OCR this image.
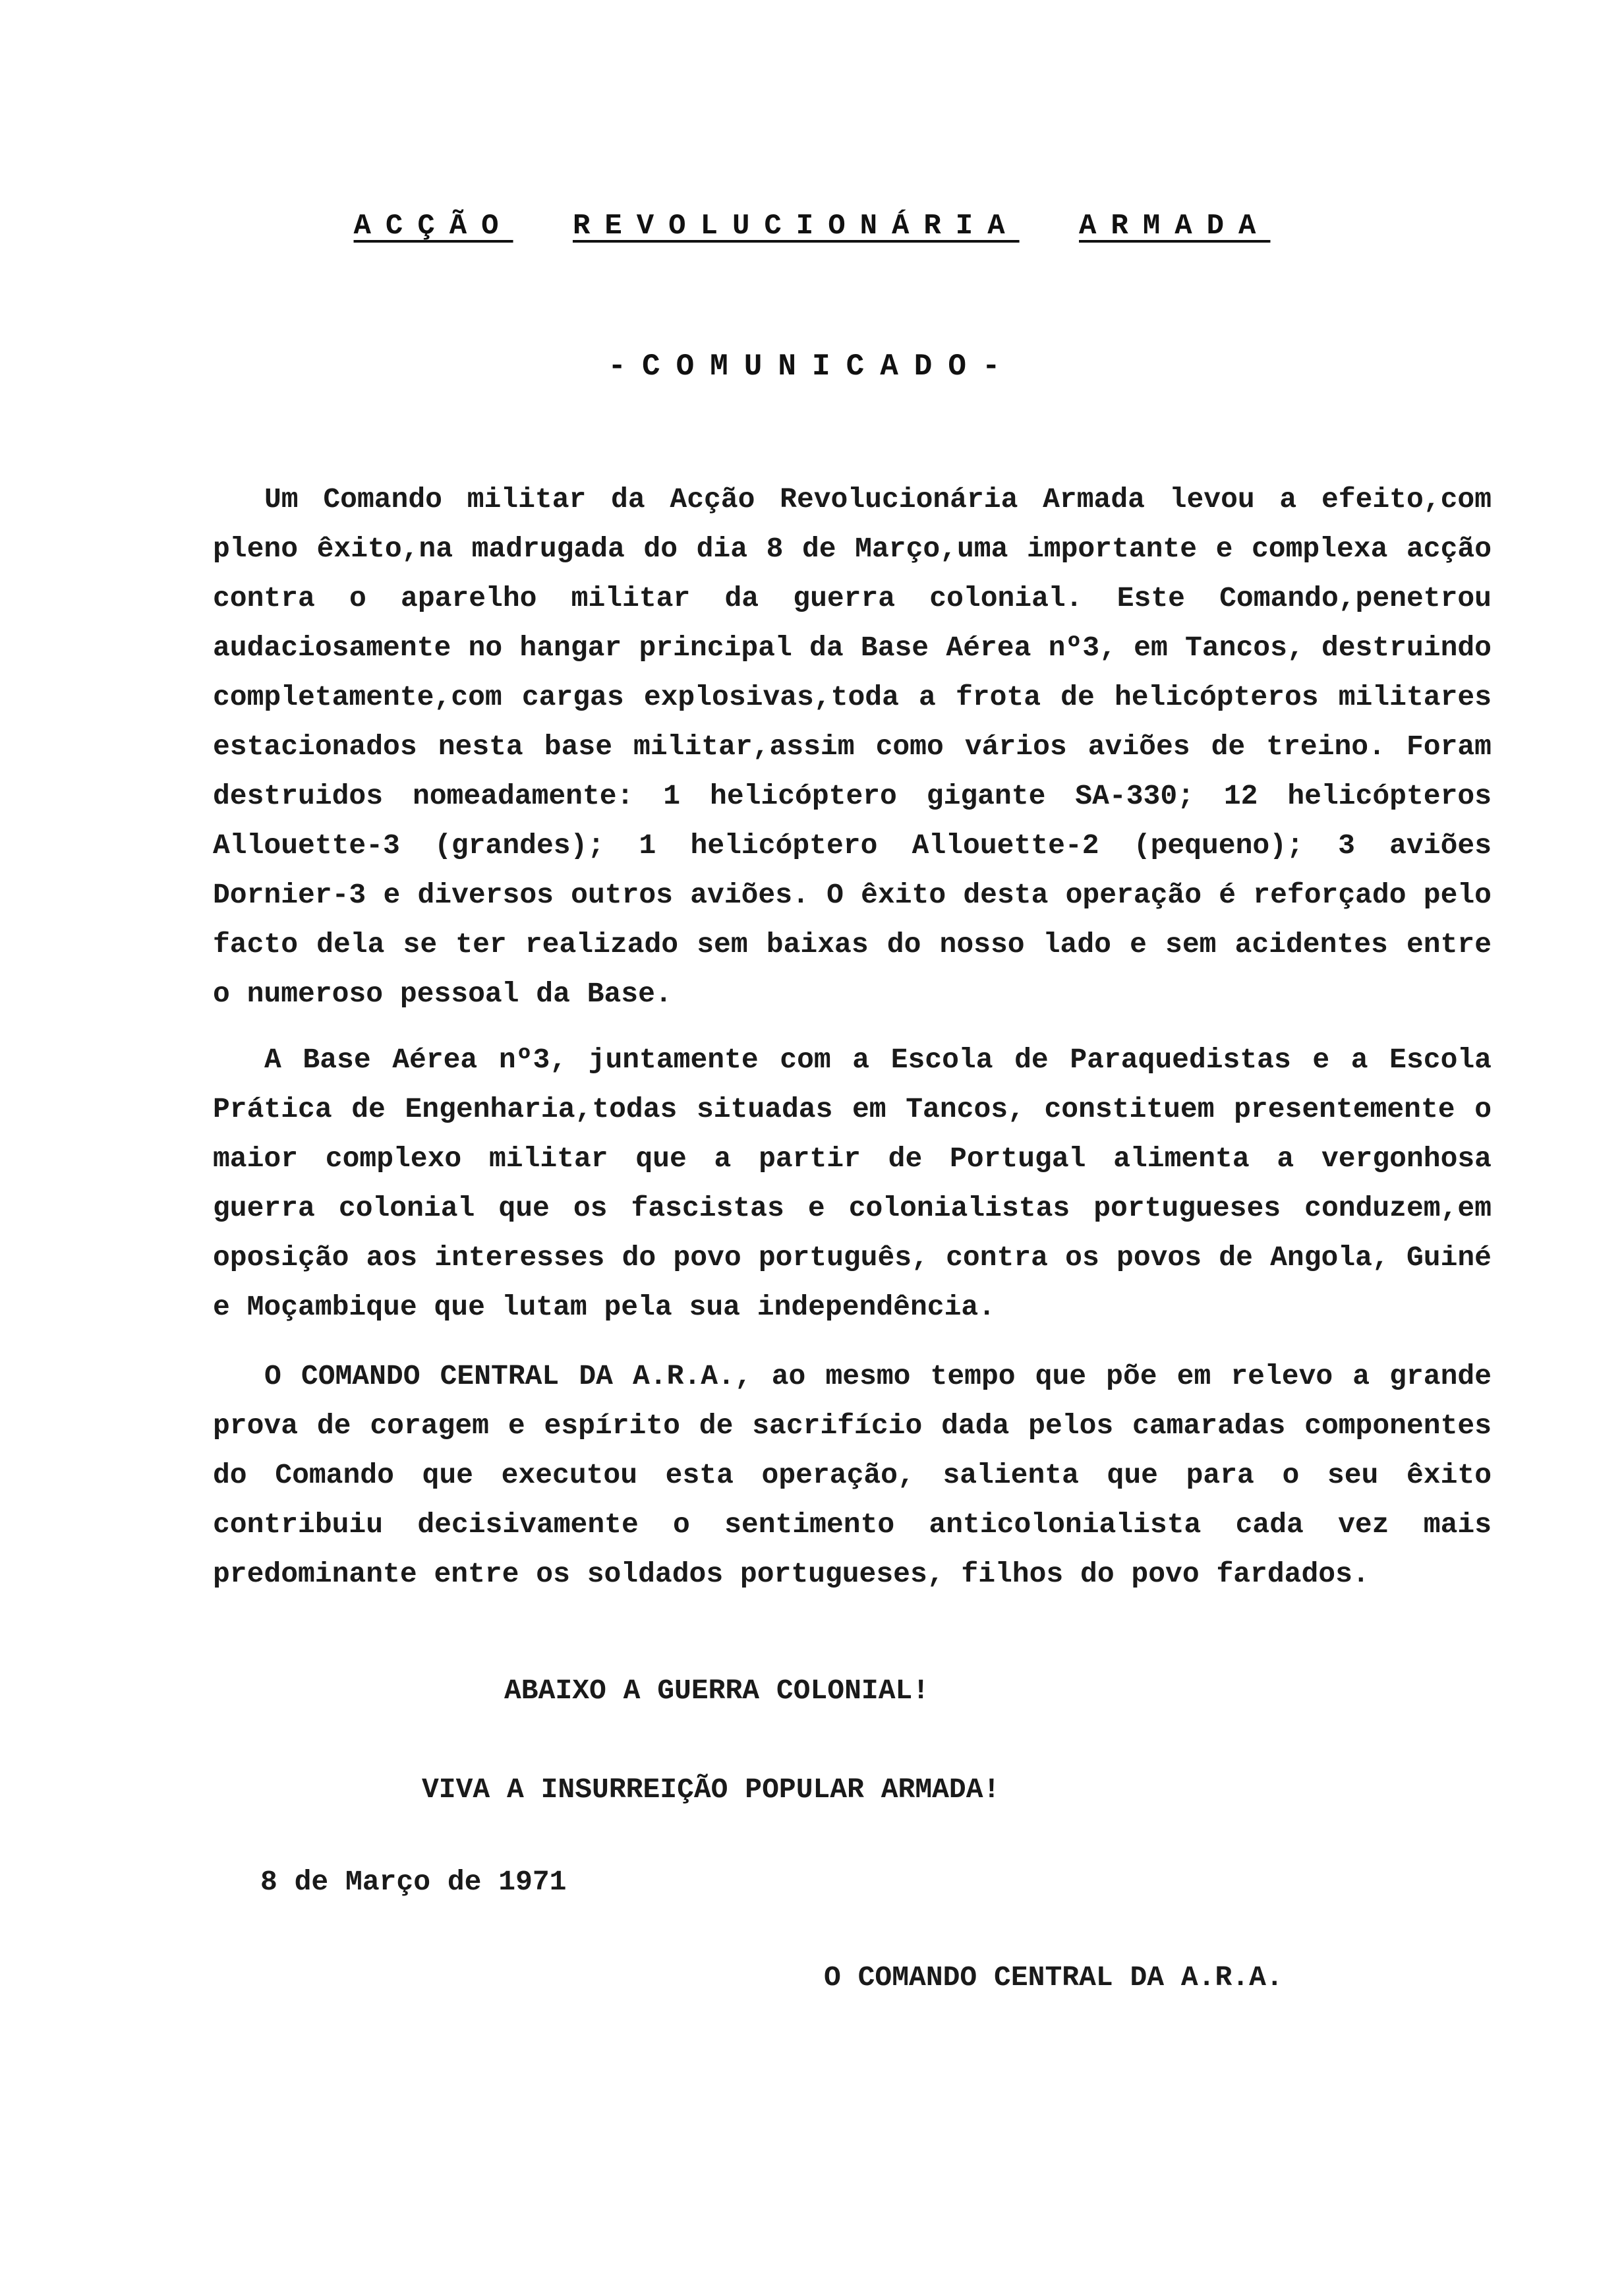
ACÇÃO REVOLUCIONÁRIA ARMADA
-COMUNICADO-

Um Comando militar da Acção Revolucionária Armada levou a efeito,com pleno êxito,na madrugada do dia 8 de Março,uma importante e complexa acção contra o aparelho militar da guerra colonial. Este Comando,penetrou audaciosamente no hangar principal da Base Aérea nº3, em Tancos, destruindo completamente,com cargas explosivas,toda a frota de helicópteros militares estacionados nesta base militar,assim como vários aviões de treino. Foram destruidos nomeadamente: 1 helicóptero gigante SA-330; 12 helicópteros Allouette-3 (grandes); 1 helicóptero Allouette-2 (pequeno); 3 aviões Dornier-3 e diversos outros aviões. O êxito desta operação é reforçado pelo facto dela se ter realizado sem baixas do nosso lado e sem acidentes entre o numeroso pessoal da Base.

A Base Aérea nº3, juntamente com a Escola de Paraquedistas e a Escola Prática de Engenharia,todas situadas em Tancos, constituem presentemente o maior complexo militar que a partir de Portugal alimenta a vergonhosa guerra colonial que os fascistas e colonialistas portugueses conduzem,em oposição aos interesses do povo português, contra os povos de Angola, Guiné e Moçambique que lutam pela sua independência.

O COMANDO CENTRAL DA A.R.A., ao mesmo tempo que põe em relevo a grande prova de coragem e espírito de sacrifício dada pelos camaradas componentes do Comando que executou esta operação, salienta que para o seu êxito contribuiu decisivamente o sentimento anticolonialista cada vez mais predominante entre os soldados portugueses, filhos do povo fardados.

ABAIXO A GUERRA COLONIAL!
VIVA A INSURREIÇÃO POPULAR ARMADA!
8 de Março de 1971
O COMANDO CENTRAL DA A.R.A.
